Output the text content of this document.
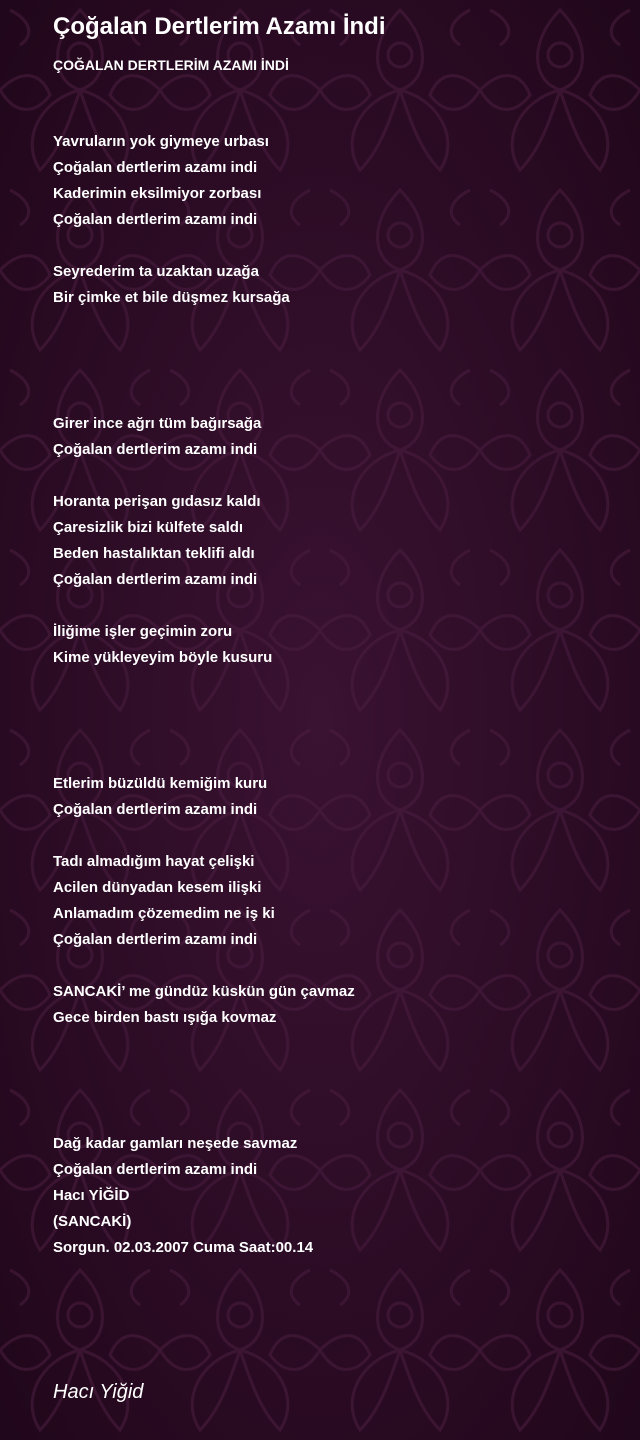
Çoğalan Dertlerim Azamı İndi
ÇOĞALAN DERTLERİM AZAMI İNDİ
Yavruların yok giymeye urbası
Çoğalan dertlerim azamı indi
Kaderimin eksilmiyor zorbası
Çoğalan dertlerim azamı indi
Seyrederim ta uzaktan uzağa
Bir çimke et bile düşmez kursağa
Girer ince ağrı tüm bağırsağa
Çoğalan dertlerim azamı indi
Horanta perişan gıdasız kaldı
Çaresizlik bizi külfete saldı
Beden hastalıktan teklifi aldı
Çoğalan dertlerim azamı indi
İliğime işler geçimin zoru
Kime yükleyeyim böyle kusuru
Etlerim büzüldü kemiğim kuru
Çoğalan dertlerim azamı indi
Tadı almadığım hayat çelişki
Acilen dünyadan kesem ilişki
Anlamadım çözemedim ne iş ki
Çoğalan dertlerim azamı indi
SANCAKİ’ me gündüz küskün gün çavmaz
Gece birden bastı ışığa kovmaz
Dağ kadar gamları neşede savmaz
Çoğalan dertlerim azamı indi
Hacı YİĞİD
(SANCAKİ)
Sorgun. 02.03.2007 Cuma Saat:00.14
Hacı Yiğid
